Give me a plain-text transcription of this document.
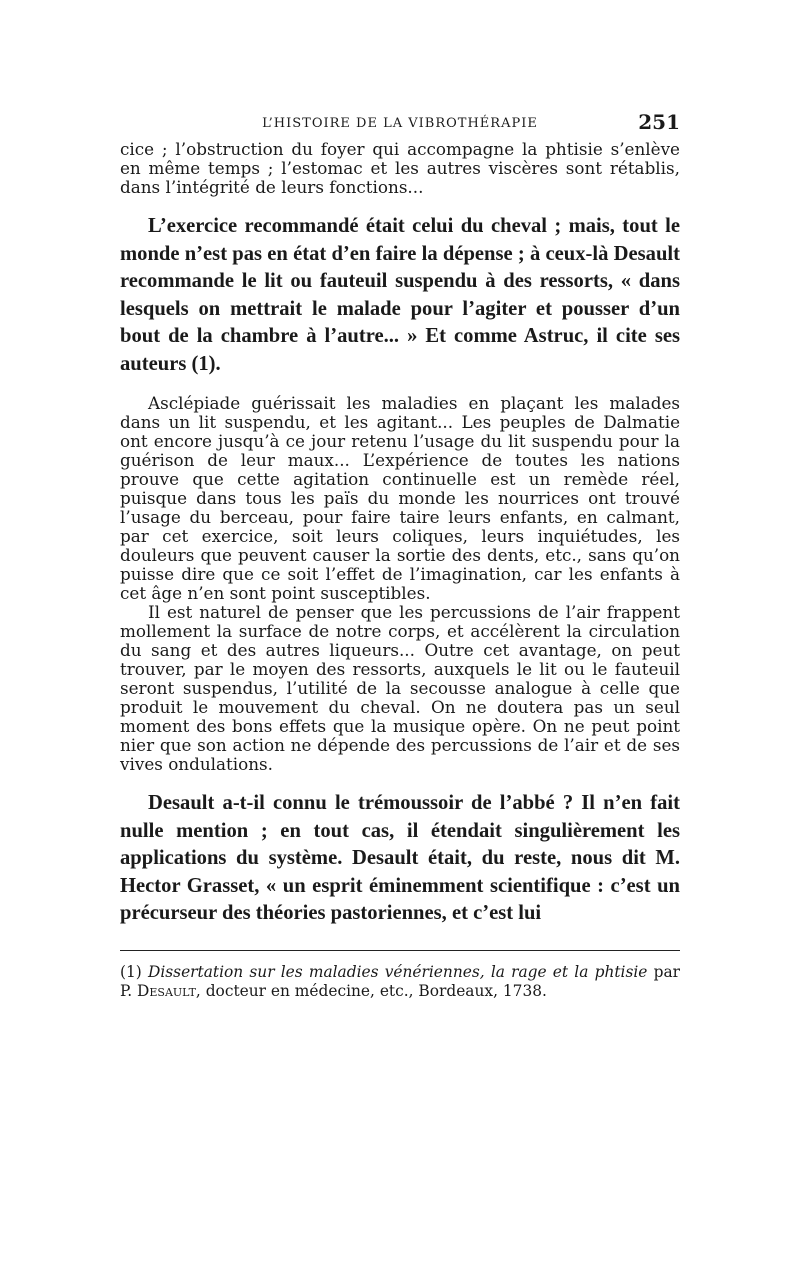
L’HISTOIRE DE LA VIBROTHÉRAPIE	251

cice ; l’obstruction du foyer qui accompagne la phtisie s’enlève en même temps ; l’estomac et les autres viscères sont rétablis, dans l’intégrité de leurs fonctions...

L’exercice recommandé était celui du cheval ; mais, tout le monde n’est pas en état d’en faire la dépense ; à ceux-là Desault recommande le lit ou fauteuil suspendu à des ressorts, « dans lesquels on mettrait le malade pour l’agiter et pousser d’un bout de la chambre à l’autre... » Et comme Astruc, il cite ses auteurs (1).

Asclépiade guérissait les maladies en plaçant les malades dans un lit suspendu, et les agitant... Les peuples de Dalmatie ont encore jusqu’à ce jour retenu l’usage du lit suspendu pour la guérison de leur maux... L’expérience de toutes les nations prouve que cette agitation continuelle est un remède réel, puisque dans tous les païs du monde les nourrices ont trouvé l’usage du berceau, pour faire taire leurs enfants, en calmant, par cet exercice, soit leurs coliques, leurs inquiétudes, les douleurs que peuvent causer la sortie des dents, etc., sans qu’on puisse dire que ce soit l’effet de l’imagination, car les enfants à cet âge n’en sont point susceptibles.

Il est naturel de penser que les percussions de l’air frappent mollement la surface de notre corps, et accélèrent la circulation du sang et des autres liqueurs... Outre cet avantage, on peut trouver, par le moyen des ressorts, auxquels le lit ou le fauteuil seront suspendus, l’utilité de la secousse analogue à celle que produit le mouvement du cheval. On ne doutera pas un seul moment des bons effets que la musique opère. On ne peut point nier que son action ne dépende des percussions de l’air et de ses vives ondulations.

Desault a-t-il connu le trémoussoir de l’abbé ? Il n’en fait nulle mention ; en tout cas, il étendait singulièrement les applications du système. Desault était, du reste, nous dit M. Hector Grasset, « un esprit éminemment scientifique : c’est un précurseur des théories pastoriennes, et c’est lui

(1) Dissertation sur les maladies vénériennes, la rage et la phtisie par P. Desault, docteur en médecine, etc., Bordeaux, 1738.
